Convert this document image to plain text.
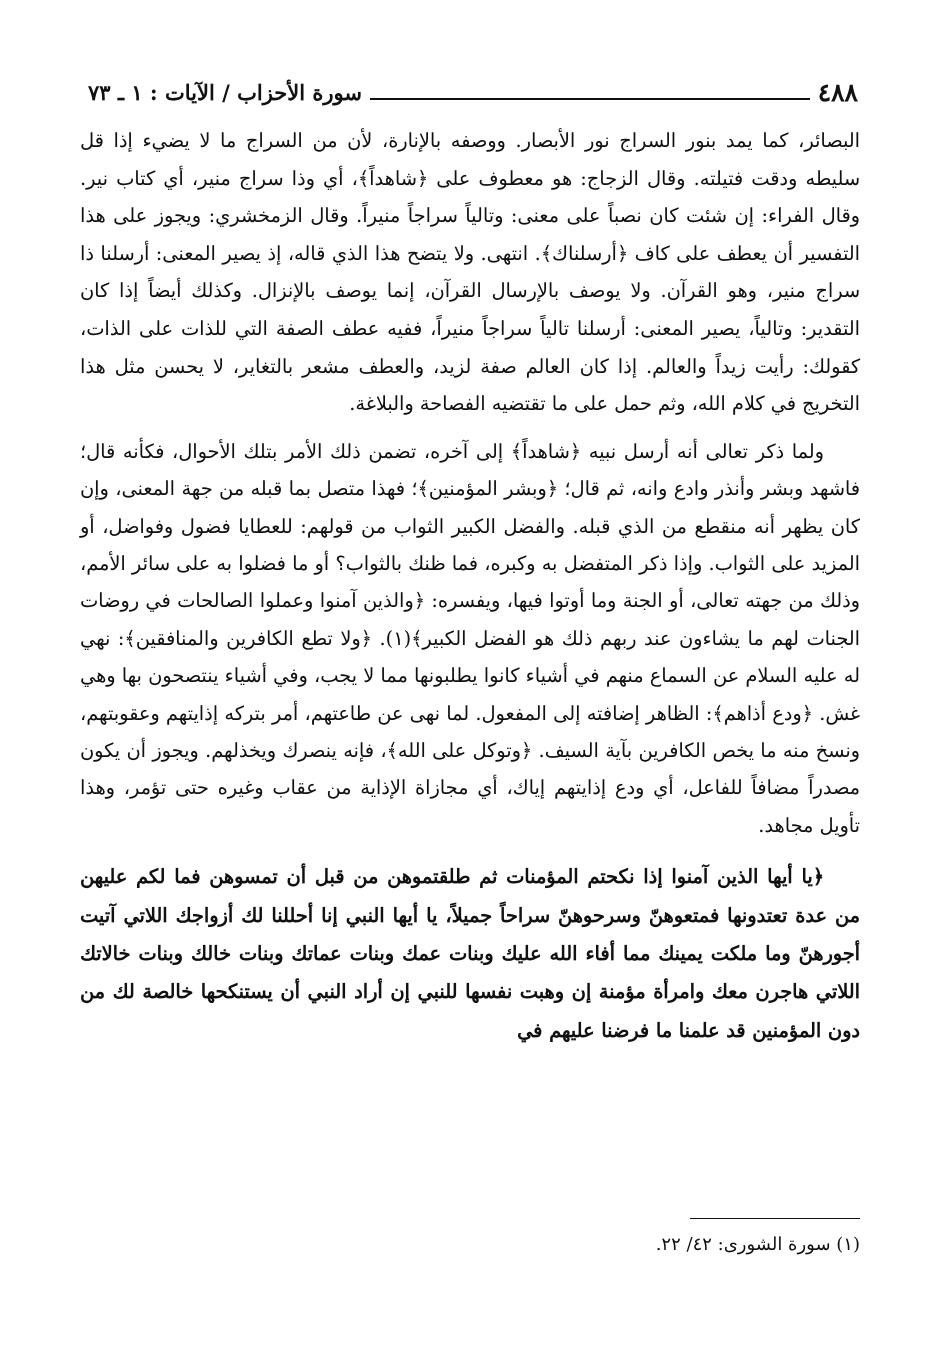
٤٨٨
سورة الأحزاب / الآيات : ١ ـ ٧٣

البصائر، كما يمد بنور السراج نور الأبصار. ووصفه بالإنارة، لأن من السراج ما لا يضيء إذا قل سليطه ودقت فتيلته. وقال الزجاج: هو معطوف على ﴿شاهداً﴾، أي وذا سراج منير، أي كتاب نير. وقال الفراء: إن شئت كان نصباً على معنى: وتالياً سراجاً منيراً. وقال الزمخشري: ويجوز على هذا التفسير أن يعطف على كاف ﴿أرسلناك﴾. انتهى. ولا يتضح هذا الذي قاله، إذ يصير المعنى: أرسلنا ذا سراج منير، وهو القرآن. ولا يوصف بالإرسال القرآن، إنما يوصف بالإنزال. وكذلك أيضاً إذا كان التقدير: وتالياً، يصير المعنى: أرسلنا تالياً سراجاً منيراً، ففيه عطف الصفة التي للذات على الذات، كقولك: رأيت زيداً والعالم. إذا كان العالم صفة لزيد، والعطف مشعر بالتغاير، لا يحسن مثل هذا التخريج في كلام الله، وثم حمل على ما تقتضيه الفصاحة والبلاغة.

ولما ذكر تعالى أنه أرسل نبيه ﴿شاهداً﴾ إلى آخره، تضمن ذلك الأمر بتلك الأحوال، فكأنه قال؛ فاشهد وبشر وأنذر وادع وانه، ثم قال؛ ﴿وبشر المؤمنين﴾؛ فهذا متصل بما قبله من جهة المعنى، وإن كان يظهر أنه منقطع من الذي قبله. والفضل الكبير الثواب من قولهم: للعطايا فضول وفواضل، أو المزيد على الثواب. وإذا ذكر المتفضل به وكبره، فما ظنك بالثواب؟ أو ما فضلوا به على سائر الأمم، وذلك من جهته تعالى، أو الجنة وما أوتوا فيها، ويفسره: ﴿والذين آمنوا وعملوا الصالحات في روضات الجنات لهم ما يشاءون عند ربهم ذلك هو الفضل الكبير﴾(١). ﴿ولا تطع الكافرين والمنافقين﴾: نهي له عليه السلام عن السماع منهم في أشياء كانوا يطلبونها مما لا يجب، وفي أشياء ينتصحون بها وهي غش. ﴿ودع أذاهم﴾: الظاهر إضافته إلى المفعول. لما نهى عن طاعتهم، أمر بتركه إذايتهم وعقوبتهم، ونسخ منه ما يخص الكافرين بآية السيف. ﴿وتوكل على الله﴾، فإنه ينصرك ويخذلهم. ويجوز أن يكون مصدراً مضافاً للفاعل، أي ودع إذايتهم إياك، أي مجازاة الإذاية من عقاب وغيره حتى تؤمر، وهذا تأويل مجاهد.

﴿يا أيها الذين آمنوا إذا نكحتم المؤمنات ثم طلقتموهن من قبل أن تمسوهن فما لكم عليهن من عدة تعتدونها فمتعوهنّ وسرحوهنّ سراحاً جميلاً، يا أيها النبي إنا أحللنا لك أزواجك اللاتي آتيت أجورهنّ وما ملكت يمينك مما أفاء الله عليك وبنات عمك وبنات عماتك وبنات خالك وبنات خالاتك اللاتي هاجرن معك وامرأة مؤمنة إن وهبت نفسها للنبي إن أراد النبي أن يستنكحها خالصة لك من دون المؤمنين قد علمنا ما فرضنا عليهم في

(١) سورة الشورى: ٤٢/ ٢٢.
